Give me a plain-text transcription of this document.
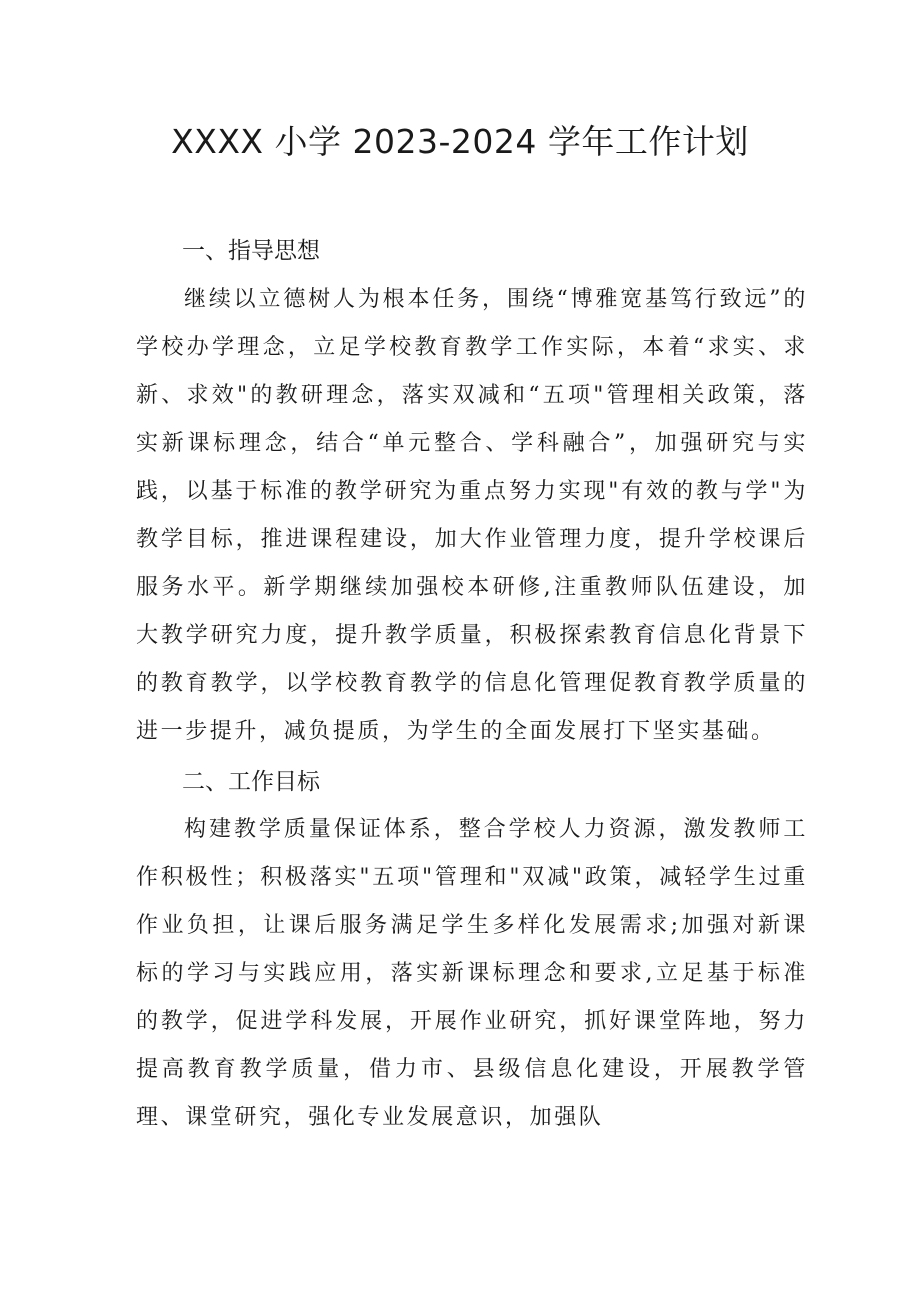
XXXX 小学 2023-2024 学年工作计划
一、指导思想

继续以立德树人为根本任务，围绕“博雅宽基笃行致远”的学校办学理念，立足学校教育教学工作实际，本着“求实、求新、求效"的教研理念，落实双减和“五项"管理相关政策，落实新课标理念，结合“单元整合、学科融合”，加强研究与实践，以基于标准的教学研究为重点努力实现"有效的教与学"为教学目标，推进课程建设，加大作业管理力度，提升学校课后服务水平。新学期继续加强校本研修,注重教师队伍建设，加大教学研究力度，提升教学质量，积极探索教育信息化背景下的教育教学，以学校教育教学的信息化管理促教育教学质量的进一步提升，减负提质，为学生的全面发展打下坚实基础。

二、工作目标

构建教学质量保证体系，整合学校人力资源，激发教师工作积极性；积极落实"五项"管理和"双减"政策，减轻学生过重作业负担，让课后服务满足学生多样化发展需求;加强对新课标的学习与实践应用，落实新课标理念和要求,立足基于标准的教学，促进学科发展，开展作业研究，抓好课堂阵地，努力提高教育教学质量，借力市、县级信息化建设，开展教学管理、课堂研究，强化专业发展意识，加强队
